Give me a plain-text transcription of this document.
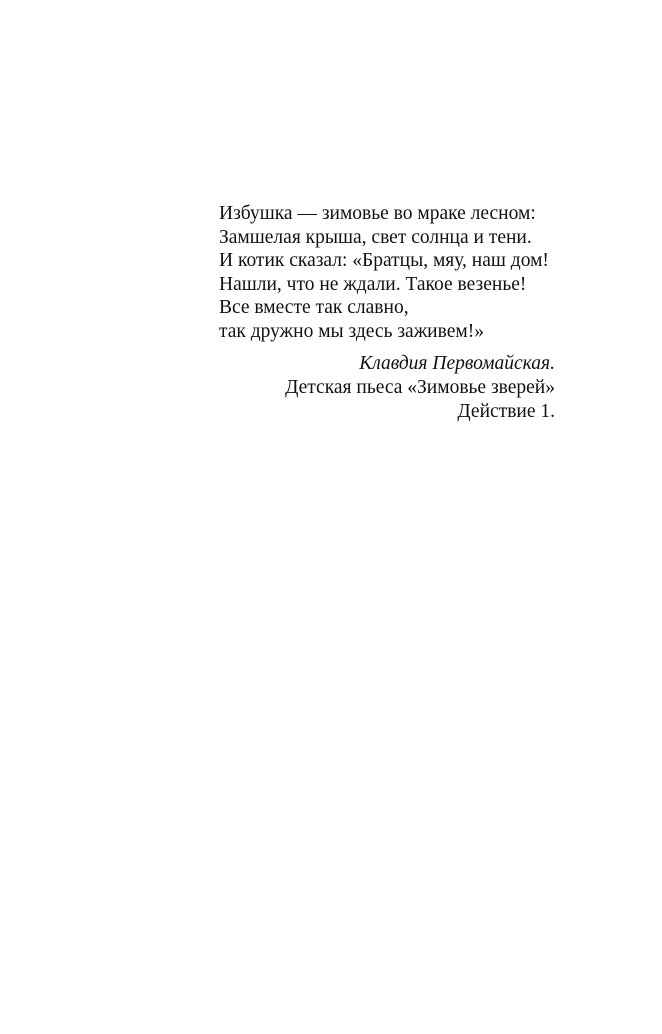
Избушка — зимовье во мраке лесном:
Замшелая крыша, свет солнца и тени.
И котик сказал: «Братцы, мяу, наш дом!
Нашли, что не ждали. Такое везенье!
Все вместе так славно,
так дружно мы здесь заживем!»
Клавдия Первомайская.
Детская пьеса «Зимовье зверей»
Действие 1.
